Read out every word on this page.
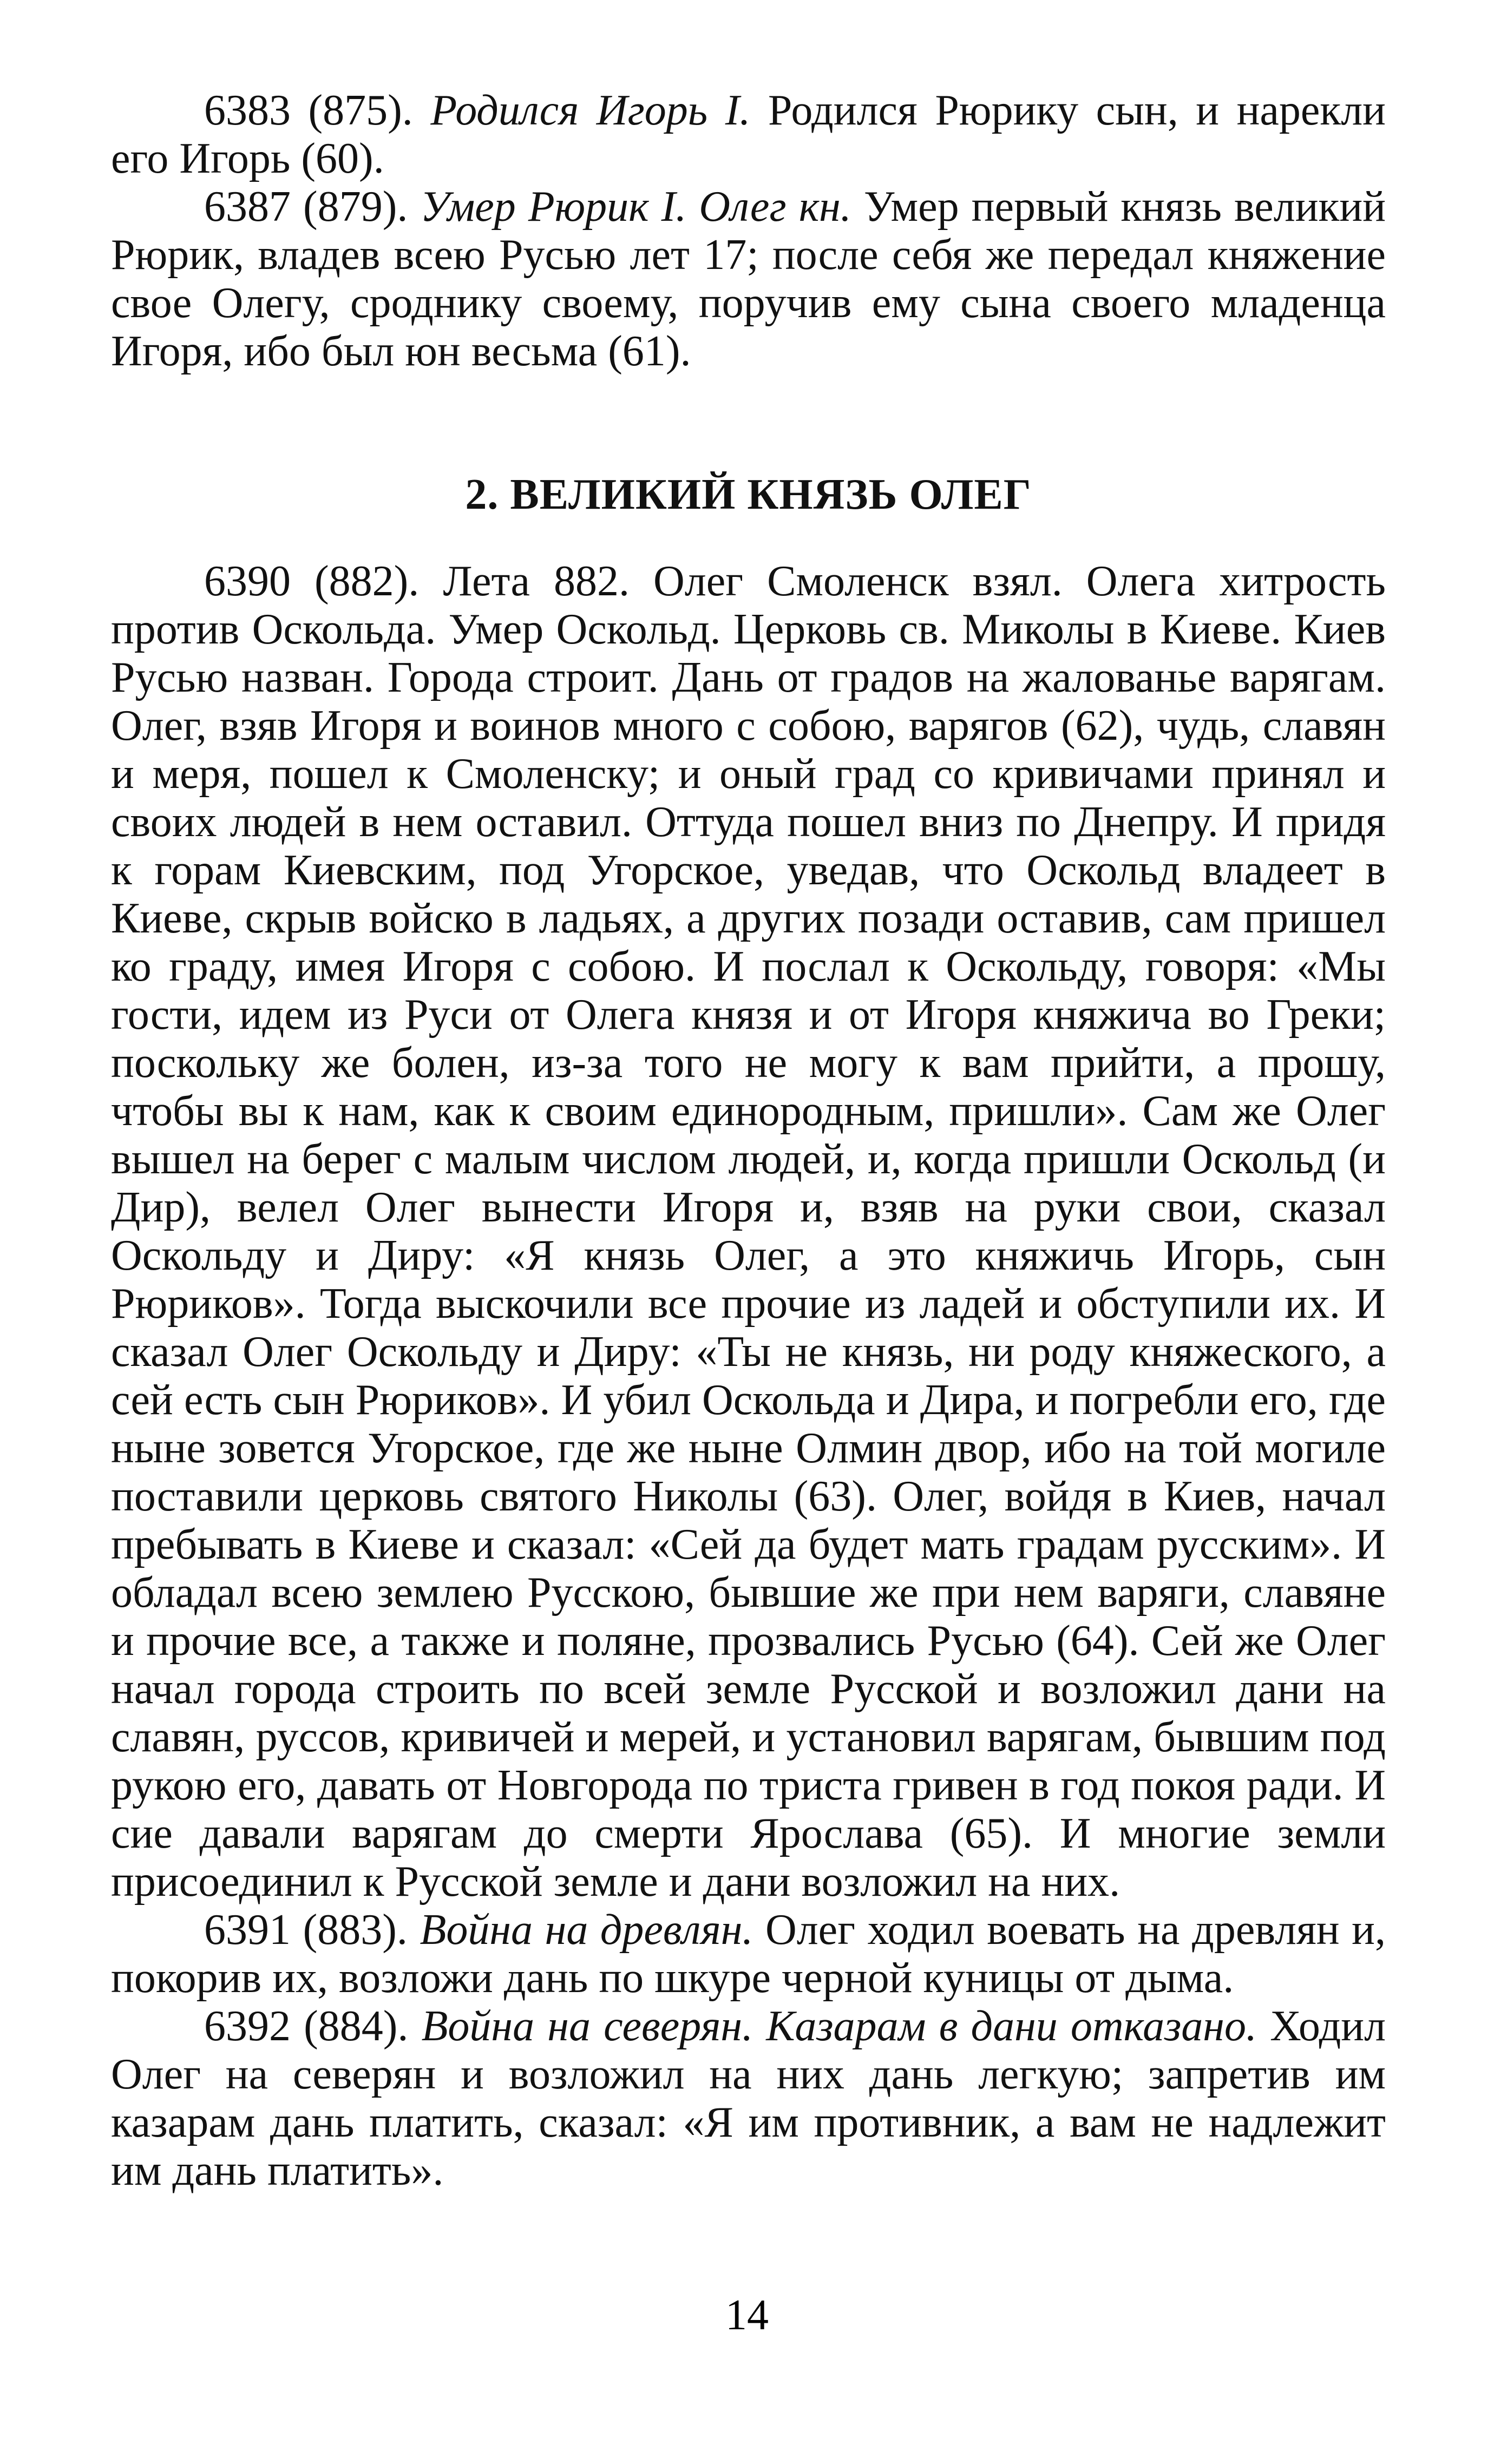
6383 (875). Родился Игорь I. Родился Рюрику сын, и нарекли его Игорь (60).

6387 (879). Умер Рюрик I. Олег кн. Умер первый князь великий Рюрик, владев всею Русью лет 17; после себя же передал княжение свое Олегу, сроднику своему, поручив ему сына своего младенца Игоря, ибо был юн весьма (61).

2. ВЕЛИКИЙ КНЯЗЬ ОЛЕГ

6390 (882). Лета 882. Олег Смоленск взял. Олега хитрость против Оскольда. Умер Оскольд. Церковь св. Миколы в Киеве. Киев Русью назван. Города строит. Дань от градов на жалованье варягам. Олег, взяв Игоря и воинов много с собою, варягов (62), чудь, славян и меря, пошел к Смоленску; и оный град со кривичами принял и своих людей в нем оставил. Оттуда пошел вниз по Днепру. И придя к горам Киевским, под Угорское, уведав, что Оскольд владеет в Киеве, скрыв войско в ладьях, а других позади оставив, сам пришел ко граду, имея Игоря с собою. И послал к Оскольду, говоря: «Мы гости, идем из Руси от Олега князя и от Игоря княжича во Греки; поскольку же болен, из-за того не могу к вам прийти, а прошу, чтобы вы к нам, как к своим единородным, пришли». Сам же Олег вышел на берег с малым числом людей, и, когда пришли Оскольд (и Дир), велел Олег вынести Игоря и, взяв на руки свои, сказал Оскольду и Диру: «Я князь Олег, а это княжичь Игорь, сын Рюриков». Тогда выскочили все прочие из ладей и обступили их. И сказал Олег Оскольду и Диру: «Ты не князь, ни роду княжеского, а сей есть сын Рюриков». И убил Оскольда и Дира, и погребли его, где ныне зовется Угорское, где же ныне Олмин двор, ибо на той могиле поставили церковь святого Николы (63). Олег, войдя в Киев, начал пребывать в Киеве и сказал: «Сей да будет мать градам русским». И обладал всею землею Русскою, бывшие же при нем варяги, славяне и прочие все, а также и поляне, прозвались Русью (64). Сей же Олег начал города строить по всей земле Русской и возложил дани на славян, руссов, кривичей и мерей, и установил варягам, бывшим под рукою его, давать от Новгорода по триста гривен в год покоя ради. И сие давали варягам до смерти Ярослава (65). И многие земли присоединил к Русской земле и дани возложил на них.

6391 (883). Война на древлян. Олег ходил воевать на древлян и, покорив их, возложи дань по шкуре черной куницы от дыма.

6392 (884). Война на северян. Казарам в дани отказано. Ходил Олег на северян и возложил на них дань легкую; запретив им казарам дань платить, сказал: «Я им противник, а вам не надлежит им дань платить».

14
